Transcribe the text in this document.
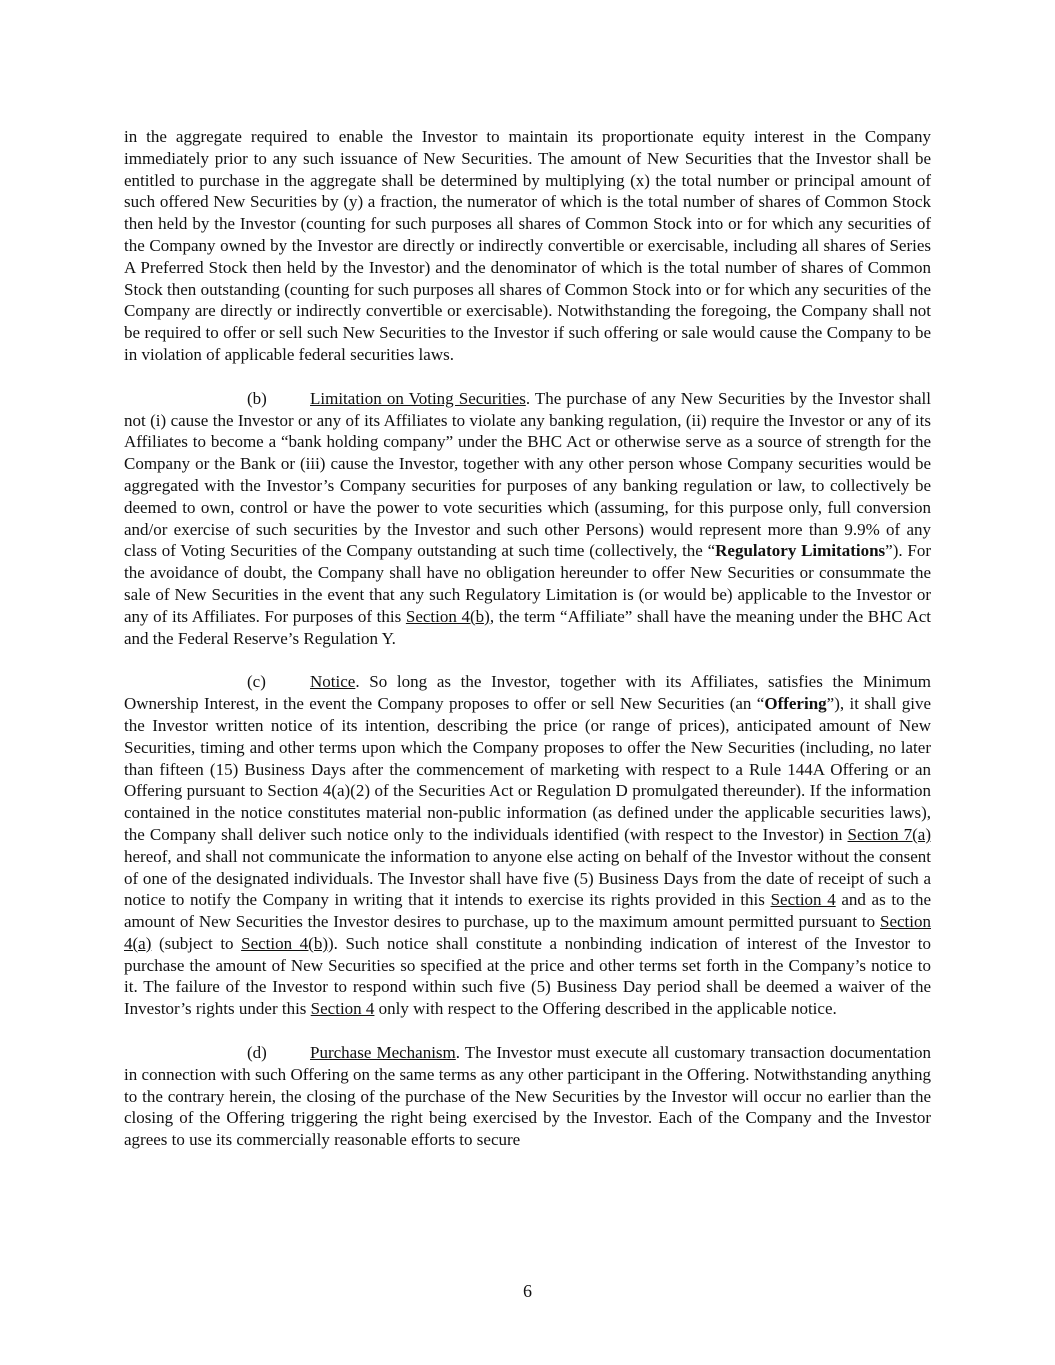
in the aggregate required to enable the Investor to maintain its proportionate equity interest in the Company immediately prior to any such issuance of New Securities. The amount of New Securities that the Investor shall be entitled to purchase in the aggregate shall be determined by multiplying (x) the total number or principal amount of such offered New Securities by (y) a fraction, the numerator of which is the total number of shares of Common Stock then held by the Investor (counting for such purposes all shares of Common Stock into or for which any securities of the Company owned by the Investor are directly or indirectly convertible or exercisable, including all shares of Series A Preferred Stock then held by the Investor) and the denominator of which is the total number of shares of Common Stock then outstanding (counting for such purposes all shares of Common Stock into or for which any securities of the Company are directly or indirectly convertible or exercisable). Notwithstanding the foregoing, the Company shall not be required to offer or sell such New Securities to the Investor if such offering or sale would cause the Company to be in violation of applicable federal securities laws.

(b)	Limitation on Voting Securities. The purchase of any New Securities by the Investor shall not (i) cause the Investor or any of its Affiliates to violate any banking regulation, (ii) require the Investor or any of its Affiliates to become a “bank holding company” under the BHC Act or otherwise serve as a source of strength for the Company or the Bank or (iii) cause the Investor, together with any other person whose Company securities would be aggregated with the Investor’s Company securities for purposes of any banking regulation or law, to collectively be deemed to own, control or have the power to vote securities which (assuming, for this purpose only, full conversion and/or exercise of such securities by the Investor and such other Persons) would represent more than 9.9% of any class of Voting Securities of the Company outstanding at such time (collectively, the “Regulatory Limitations”). For the avoidance of doubt, the Company shall have no obligation hereunder to offer New Securities or consummate the sale of New Securities in the event that any such Regulatory Limitation is (or would be) applicable to the Investor or any of its Affiliates. For purposes of this Section 4(b), the term “Affiliate” shall have the meaning under the BHC Act and the Federal Reserve’s Regulation Y.

(c)	Notice. So long as the Investor, together with its Affiliates, satisfies the Minimum Ownership Interest, in the event the Company proposes to offer or sell New Securities (an “Offering”), it shall give the Investor written notice of its intention, describing the price (or range of prices), anticipated amount of New Securities, timing and other terms upon which the Company proposes to offer the New Securities (including, no later than fifteen (15) Business Days after the commencement of marketing with respect to a Rule 144A Offering or an Offering pursuant to Section 4(a)(2) of the Securities Act or Regulation D promulgated thereunder). If the information contained in the notice constitutes material non-public information (as defined under the applicable securities laws), the Company shall deliver such notice only to the individuals identified (with respect to the Investor) in Section 7(a) hereof, and shall not communicate the information to anyone else acting on behalf of the Investor without the consent of one of the designated individuals. The Investor shall have five (5) Business Days from the date of receipt of such a notice to notify the Company in writing that it intends to exercise its rights provided in this Section 4 and as to the amount of New Securities the Investor desires to purchase, up to the maximum amount permitted pursuant to Section 4(a) (subject to Section 4(b)). Such notice shall constitute a nonbinding indication of interest of the Investor to purchase the amount of New Securities so specified at the price and other terms set forth in the Company’s notice to it. The failure of the Investor to respond within such five (5) Business Day period shall be deemed a waiver of the Investor’s rights under this Section 4 only with respect to the Offering described in the applicable notice.

(d)	Purchase Mechanism. The Investor must execute all customary transaction documentation in connection with such Offering on the same terms as any other participant in the Offering. Notwithstanding anything to the contrary herein, the closing of the purchase of the New Securities by the Investor will occur no earlier than the closing of the Offering triggering the right being exercised by the Investor. Each of the Company and the Investor agrees to use its commercially reasonable efforts to secure

6
